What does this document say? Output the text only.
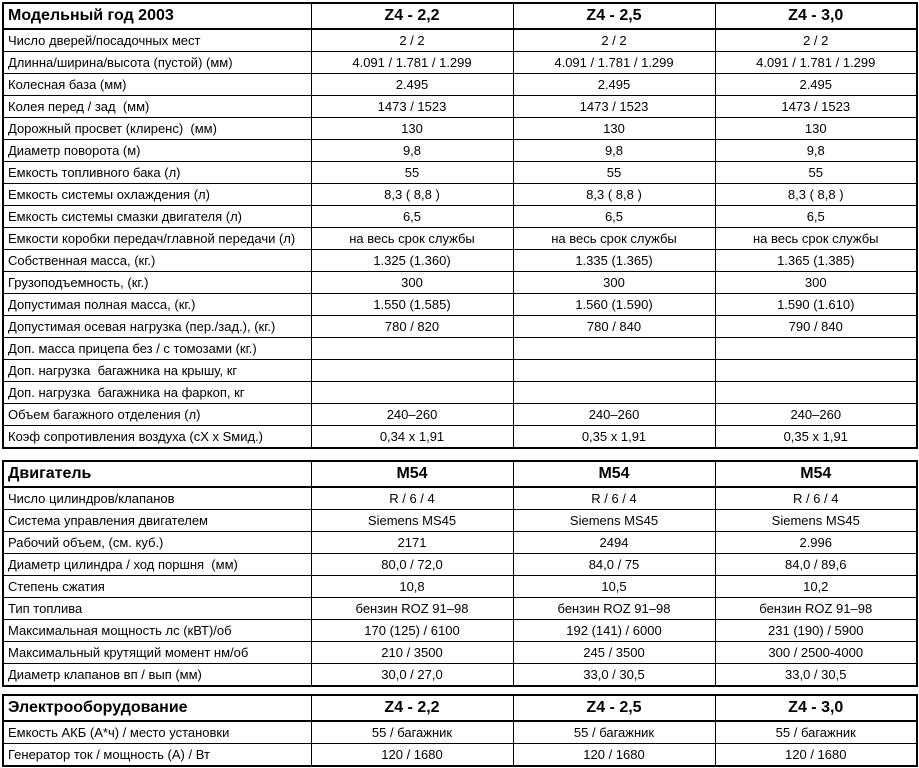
Модельный год 2003	Z4 - 2,2	Z4 - 2,5	Z4 - 3,0
Число дверей/посадочных мест	2 / 2	2 / 2	2 / 2
Длинна/ширина/высота (пустой) (мм)	4.091 / 1.781 / 1.299	4.091 / 1.781 / 1.299	4.091 / 1.781 / 1.299
Колесная база (мм)	2.495	2.495	2.495
Колея перед / зад  (мм)	1473 / 1523	1473 / 1523	1473 / 1523
Дорожный просвет (клиренс)  (мм)	130	130	130
Диаметр поворота (м)	9,8	9,8	9,8
Емкость топливного бака (л)	55	55	55
Емкость системы охлаждения (л)	8,3 ( 8,8 )	8,3 ( 8,8 )	8,3 ( 8,8 )
Емкость системы смазки двигателя (л)	6,5	6,5	6,5
Емкости коробки передач/главной передачи (л)	на весь срок службы	на весь срок службы	на весь срок службы
Собственная масса, (кг.)	1.325 (1.360)	1.335 (1.365)	1.365 (1.385)
Грузоподъемность, (кг.)	300	300	300
Допустимая полная масса, (кг.)	1.550 (1.585)	1.560 (1.590)	1.590 (1.610)
Допустимая осевая нагрузка (пер./зад.), (кг.)	780 / 820	780 / 840	790 / 840
Доп. масса прицепа без / с томозами (кг.)			
Доп. нагрузка  багажника на крышу, кг			
Доп. нагрузка  багажника на фаркоп, кг			
Объем багажного отделения (л)	240–260	240–260	240–260
Коэф сопротивления воздуха (сХ х Sмид.)	0,34 х 1,91	0,35 х 1,91	0,35 х 1,91
Двигатель	M54	M54	M54
Число цилиндров/клапанов	R / 6 / 4	R / 6 / 4	R / 6 / 4
Система управления двигателем	Siemens MS45	Siemens MS45	Siemens MS45
Рабочий объем, (см. куб.)	2171	2494	2.996
Диаметр цилиндра / ход поршня  (мм)	80,0 / 72,0	84,0 / 75	84,0 / 89,6
Степень сжатия	10,8	10,5	10,2
Тип топлива	бензин ROZ 91–98	бензин ROZ 91–98	бензин ROZ 91–98
Максимальная мощность лс (кВТ)/об	170 (125) / 6100	192 (141) / 6000	231 (190) / 5900
Максимальный крутящий момент нм/об	210 / 3500	245 / 3500	300 / 2500-4000
Диаметр клапанов вп / вып (мм)	30,0 / 27,0	33,0 / 30,5	33,0 / 30,5
Электрооборудование	Z4 - 2,2	Z4 - 2,5	Z4 - 3,0
Емкость АКБ (А*ч) / место установки	55 / багажник	55 / багажник	55 / багажник
Генератор ток / мощность (А) / Вт	120 / 1680	120 / 1680	120 / 1680
